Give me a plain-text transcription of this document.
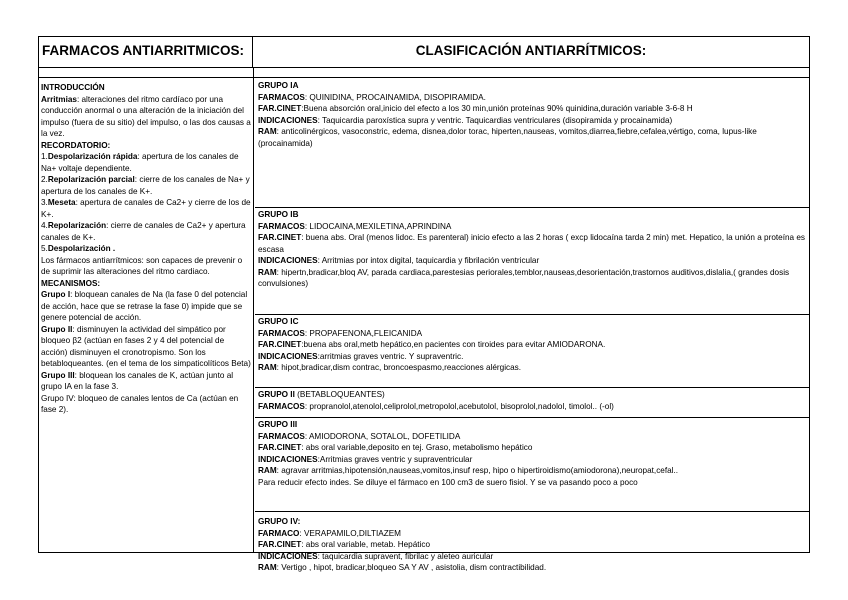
FARMACOS ANTIARRITMICOS:	CLASIFICACIÓN ANTIARRÍTMICOS:

INTRODUCCIÓN

Arritmias: alteraciones del ritmo cardíaco por una conducción anormal o una alteración de la iniciación del impulso (fuera de su sitio) del impulso, o las dos causas a la vez.

RECORDATORIO:

1.Despolarización rápida: apertura de los canales de Na+ voltaje dependiente.

2.Repolarización parcial: cierre de los canales de Na+ y apertura de los canales de K+.

3.Meseta: apertura de canales de Ca2+ y cierre de los de K+.

4.Repolarización: cierre de canales de Ca2+ y apertura canales de K+.

5.Despolarización .

Los fármacos antiarrítmicos: son capaces de prevenir o de suprimir las alteraciones del ritmo cardiaco.

MECANISMOS:

Grupo I: bloquean canales de Na (la fase 0 del potencial de acción, hace que se retrase la fase 0) impide que se genere potencial de acción.

Grupo II: disminuyen la actividad del simpático por bloqueo β2 (actúan en fases 2 y 4 del potencial de acción) disminuyen el cronotropismo. Son los betabloqueantes. (en el tema de los simpaticolíticos Beta)

Grupo III: bloquean los canales de K, actúan junto al grupo IA en la fase 3.

Grupo IV: bloqueo de canales lentos de Ca (actúan en fase 2).

GRUPO IA

FARMACOS: QUINIDINA, PROCAINAMIDA, DISOPIRAMIDA.

FAR.CINET:Buena absorción oral,inicio del efecto a los 30 min,unión proteínas 90% quinidina,duración variable 3-6-8 H

INDICACIONES: Taquicardia paroxística supra y ventric. Taquicardias ventriculares (disopiramida y procainamida)

RAM: anticolinérgicos, vasoconstric, edema, disnea,dolor torac, hiperten,nauseas, vomitos,diarrea,fiebre,cefalea,vértigo, coma, lupus-like (procainamida)

GRUPO IB

FARMACOS: LIDOCAINA,MEXILETINA,APRINDINA

FAR.CINET: buena abs. Oral (menos lidoc. Es parenteral) inicio efecto a las 2 horas ( excp lidocaína tarda 2 min) met. Hepatico, la unión a proteína es escasa

INDICACIONES: Arritmias por intox digital, taquicardia y fibrilación ventricular

RAM: hipertn,bradicar,bloq AV, parada cardiaca,parestesias periorales,temblor,nauseas,desorientación,trastornos auditivos,dislalia,( grandes dosis convulsiones)

GRUPO IC

FARMACOS: PROPAFENONA,FLEICANIDA

FAR.CINET:buena abs oral,metb hepático,en pacientes con tiroides para evitar AMIODARONA.

INDICACIONES:arritmias graves ventric. Y supraventric.

RAM: hipot,bradicar,dism contrac, broncoespasmo,reacciones alérgicas.

GRUPO II (BETABLOQUEANTES)

FARMACOS: propranolol,atenolol,celiprolol,metropolol,acebutolol, bisoprolol,nadolol, timolol.. (-ol)

GRUPO III

FARMACOS: AMIODORONA, SOTALOL, DOFETILIDA

FAR.CINET: abs oral variable,deposito en tej. Graso, metabolismo hepático

INDICACIONES:Arritmias graves ventric y supraventricular

RAM: agravar arritmias,hipotensión,nauseas,vomitos,insuf resp, hipo o hipertiroidismo(amiodorona),neuropat,cefal..

Para reducir efecto indes. Se diluye el fármaco en 100 cm3 de suero fisiol. Y se va pasando poco a poco

GRUPO IV:

FARMACO: VERAPAMILO,DILTIAZEM

FAR.CINET: abs oral variable, metab. Hepático

INDICACIONES: taquicardia supravent, fibrilac y aleteo auricular

RAM: Vertigo , hipot, bradicar,bloqueo SA Y AV , asistolia, dism contractibilidad.
